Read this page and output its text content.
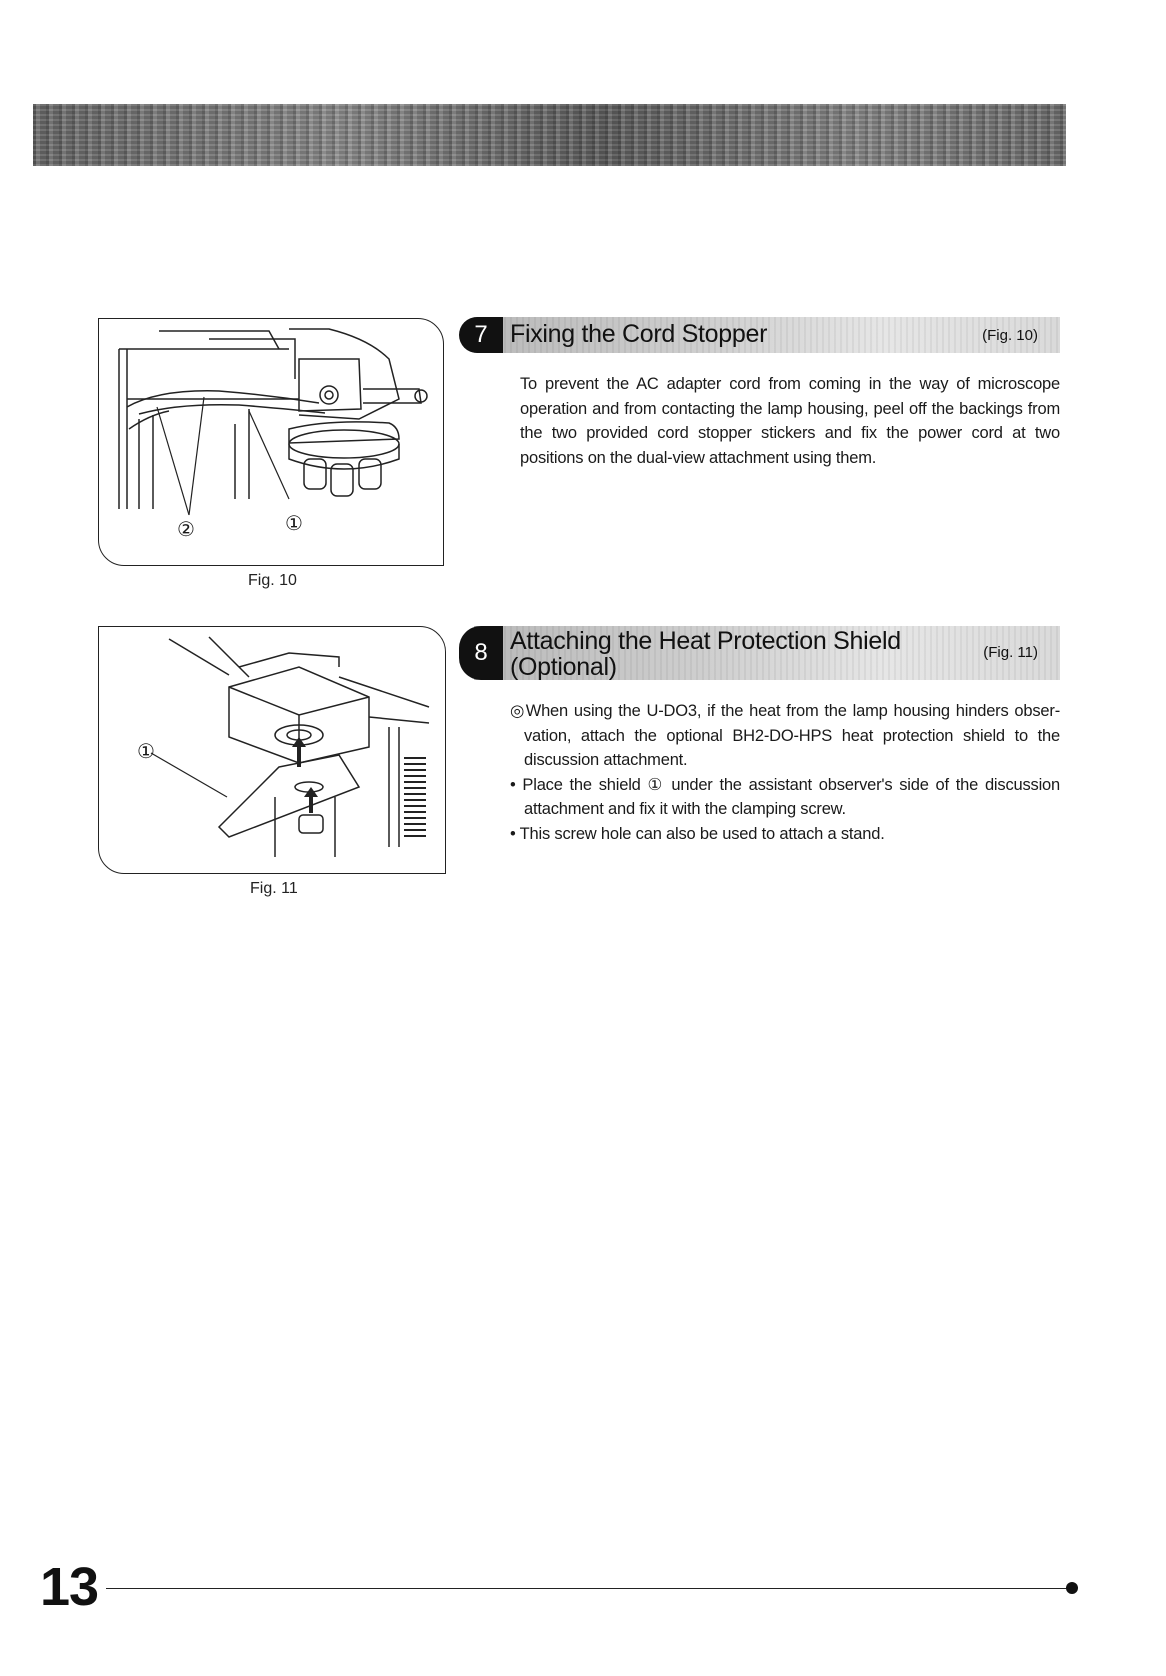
②	①
Fig. 10
7 Fixing the Cord Stopper	(Fig. 10)
To prevent the AC adapter cord from coming in the way of microscope operation and from contacting the lamp housing, peel off the backings from the two provided cord stopper stickers and fix the power cord at two positions on the dual-view attachment using them.
①
Fig. 11
8 Attaching the Heat Protection Shield
(Optional)
(Fig. 11)
◎When using the U-DO3, if the heat from the lamp housing hinders obser-vation, attach the optional BH2-DO-HPS heat protection shield to the discussion attachment.
• Place the shield ① under the assistant observer's side of the discussion attachment and fix it with the clamping screw.
• This screw hole can also be used to attach a stand.
13
